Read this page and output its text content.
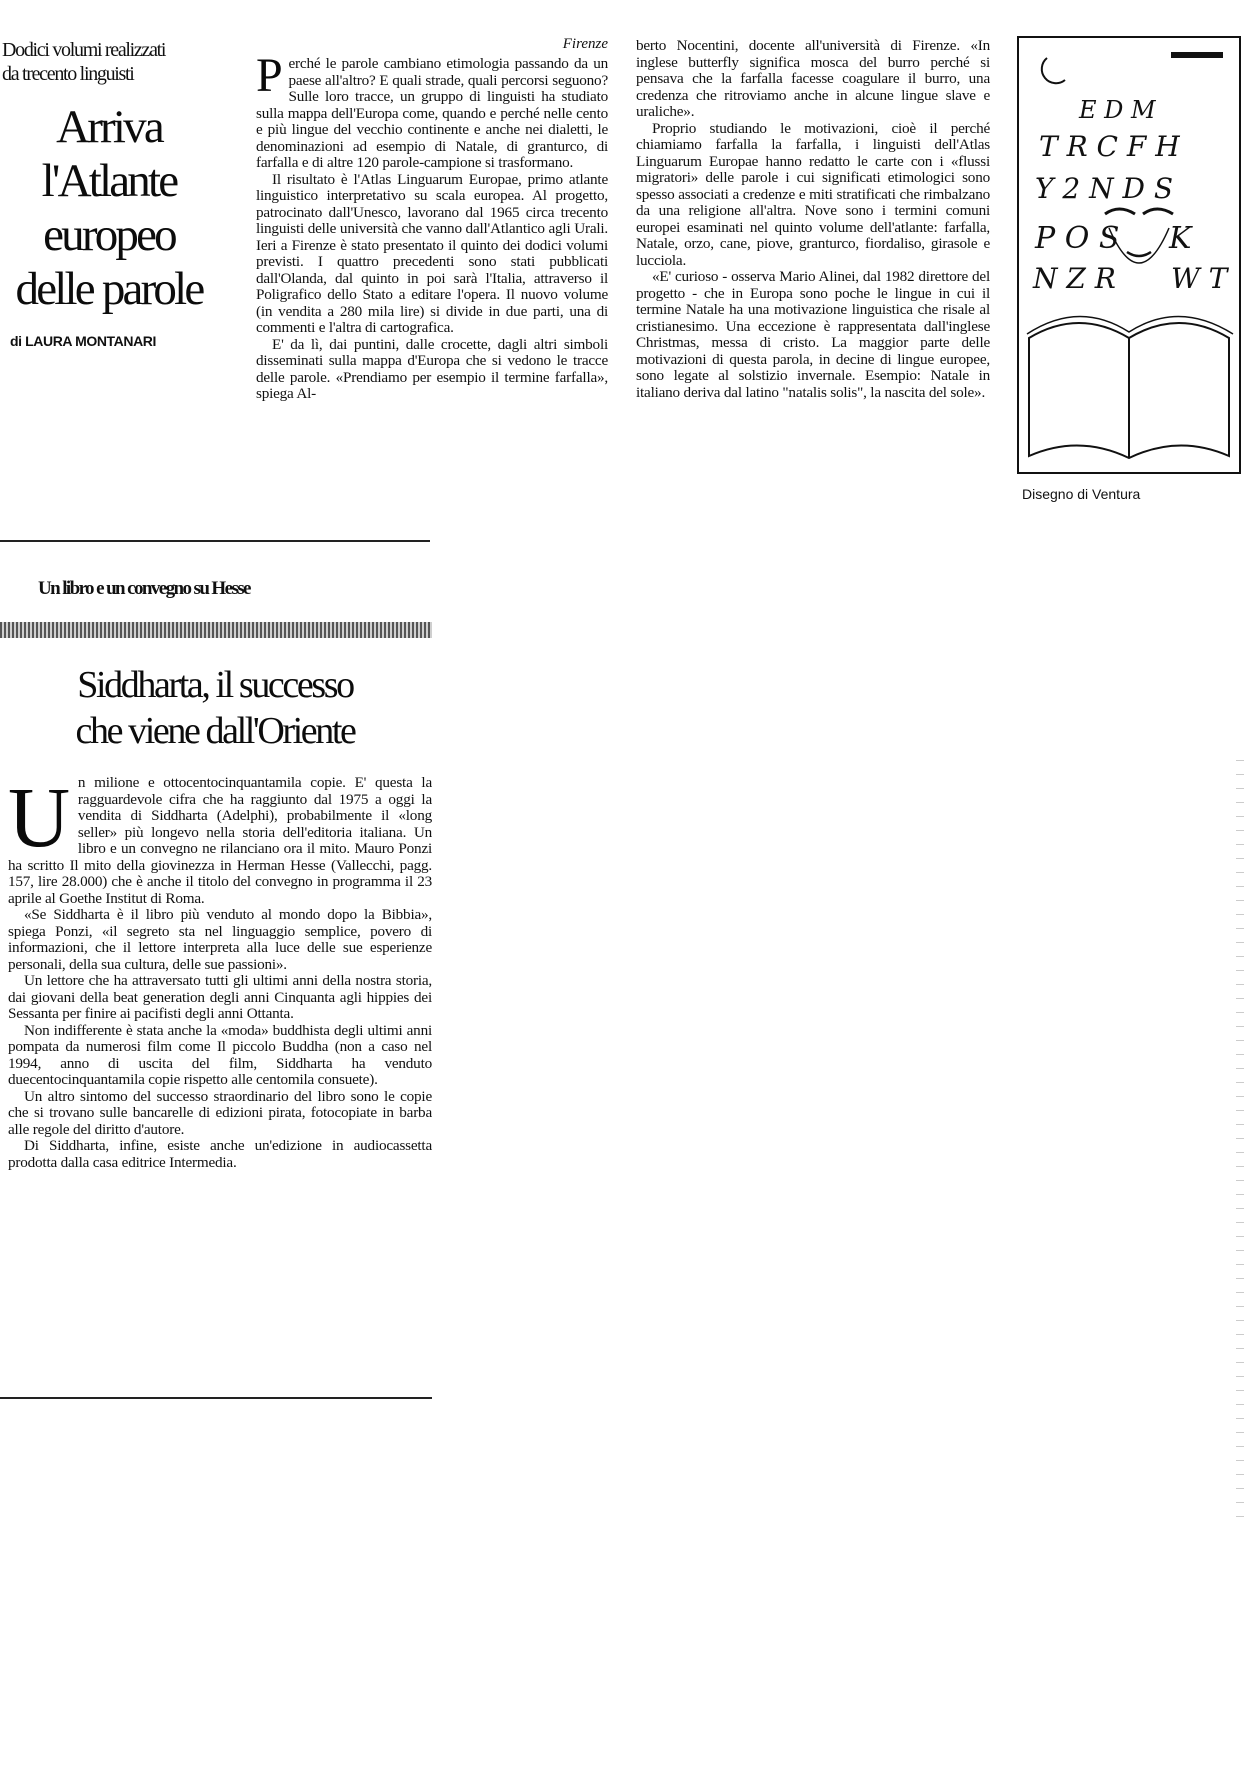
Dodici volumi realizzati
da trecento linguisti
Arriva
l'Atlante
europeo
delle parole
di LAURA MONTANARI
Firenze

Perché le parole cambiano etimologia passando da un paese all'altro? E quali strade, quali percorsi seguono? Sulle loro tracce, un gruppo di linguisti ha studiato sulla mappa dell'Europa come, quando e perché nelle cento e più lingue del vecchio continente e anche nei dialetti, le denominazioni ad esempio di Natale, di granturco, di farfalla e di altre 120 parole-campione si trasformano.

Il risultato è l'Atlas Linguarum Europae, primo atlante linguistico interpretativo su scala europea. Al progetto, patrocinato dall'Unesco, lavorano dal 1965 circa trecento linguisti delle università che vanno dall'Atlantico agli Urali. Ieri a Firenze è stato presentato il quinto dei dodici volumi previsti. I quattro precedenti sono stati pubblicati dall'Olanda, dal quinto in poi sarà l'Italia, attraverso il Poligrafico dello Stato a editare l'opera. Il nuovo volume (in vendita a 280 mila lire) si divide in due parti, una di commenti e l'altra di cartografica.

E' da lì, dai puntini, dalle crocette, dagli altri simboli disseminati sulla mappa d'Europa che si vedono le tracce delle parole. «Prendiamo per esempio il termine farfalla», spiega Al-

berto Nocentini, docente all'università di Firenze. «In inglese butterfly significa mosca del burro perché si pensava che la farfalla facesse coagulare il burro, una credenza che ritroviamo anche in alcune lingue slave e uraliche».

Proprio studiando le motivazioni, cioè il perché chiamiamo farfalla la farfalla, i linguisti dell'Atlas Linguarum Europae hanno redatto le carte con i «flussi migratori» delle parole i cui significati etimologici sono spesso associati a credenze e miti stratificati che rimbalzano da una religione all'altra. Nove sono i termini comuni europei esaminati nel quinto volume dell'atlante: farfalla, Natale, orzo, cane, piove, granturco, fiordaliso, girasole e lucciola.

«E' curioso - osserva Mario Alinei, dal 1982 direttore del progetto - che in Europa sono poche le lingue in cui il termine Natale ha una motivazione linguistica che risale al cristianesimo. Una eccezione è rappresentata dall'inglese Christmas, messa di cristo. La maggior parte delle motivazioni di questa parola, in decine di lingue europee, sono legate al solstizio invernale. Esempio: Natale in italiano deriva dal latino "natalis solis", la nascita del sole».

E D M
T R C F H
Y 2 N D S
P O S
N Z R
K
W T
Disegno di Ventura
Un libro e un convegno su Hesse
Siddharta, il successo
che viene dall'Oriente

Un milione e ottocentocinquantamila copie. E' questa la ragguardevole cifra che ha raggiunto dal 1975 a oggi la vendita di Siddharta (Adelphi), probabilmente il «long seller» più longevo nella storia dell'editoria italiana. Un libro e un convegno ne rilanciano ora il mito. Mauro Ponzi ha scritto Il mito della giovinezza in Herman Hesse (Vallecchi, pagg. 157, lire 28.000) che è anche il titolo del convegno in programma il 23 aprile al Goethe Institut di Roma.

«Se Siddharta è il libro più venduto al mondo dopo la Bibbia», spiega Ponzi, «il segreto sta nel linguaggio semplice, povero di informazioni, che il lettore interpreta alla luce delle sue esperienze personali, della sua cultura, delle sue passioni».

Un lettore che ha attraversato tutti gli ultimi anni della nostra storia, dai giovani della beat generation degli anni Cinquanta agli hippies dei Sessanta per finire ai pacifisti degli anni Ottanta.

Non indifferente è stata anche la «moda» buddhista degli ultimi anni pompata da numerosi film come Il piccolo Buddha (non a caso nel 1994, anno di uscita del film, Siddharta ha venduto duecentocinquantamila copie rispetto alle centomila consuete).

Un altro sintomo del successo straordinario del libro sono le copie che si trovano sulle bancarelle di edizioni pirata, fotocopiate in barba alle regole del diritto d'autore.

Di Siddharta, infine, esiste anche un'edizione in audiocassetta prodotta dalla casa editrice Intermedia.
